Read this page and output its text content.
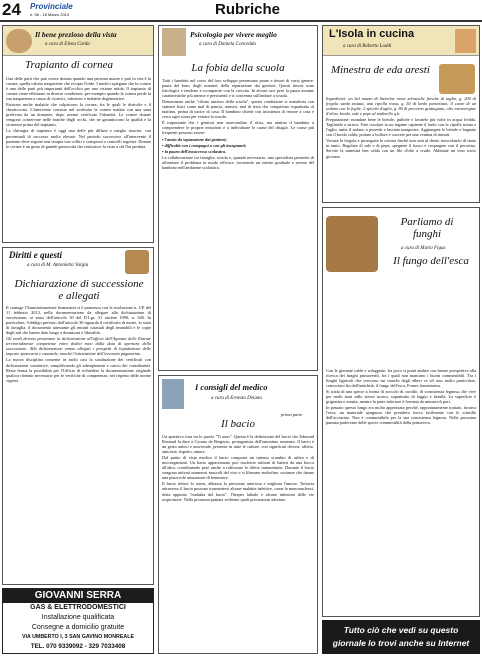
24 Provinciale
n. 06 - 18 Marzo 2013	Rubriche
Il bene prezioso della vista
a cura di Elena Corda
Trapianto di cornea

Una delle parti che può essere donata quando una persona muore e può in vita è la cornea, quella calotta trasparente che ricopre l'iride. I medici spiegano che la cornea è una delle parti più importanti dell'occhio per una visione nitida. Il trapianto di cornea viene effettuato in diverse condizioni, per esempio quando la cornea perde la sua trasparenza a causa di cicatrici, infezioni o malattie degenerative.

Esistono molte malattie che colpiscono la cornea, fra le quali le distrofie e il cheratocono. L'intervento consiste nel sostituire la cornea malata con una sana prelevata da un donatore, dopo averne verificato l'idoneità. Le cornee donate vengono conservate nelle banche degli occhi, che ne garantiscono la qualità e la sicurezza prima del trapianto.

La chirurgia di trapianto è oggi una delle più diffuse e meglio riuscite, con percentuali di successo molto elevate. Nel periodo successivo all'intervento il paziente deve seguire una terapia con colliri e sottoporsi a controlli regolari. Donare le cornee è un gesto di grande generosità che restituisce la vista a chi l'ha perduta.

Diritti e questi
a cura di M. Antonietta Vargiu
Dichiarazione di successione e allegati

Il coniuge l'Amministrazione finanziaria si è promessa con la risoluzione n. 1/E del 11 febbraio 2013, nella documentazione da allegare alla dichiarazione di successione, ai sensi dell'articolo 30 del D.Lgs. 31 ottobre 1990, n. 346. In particolare, l'obbligo previsto dall'articolo 30 riguarda il certificato di morte, lo stato di famiglia, il documento attestante gli estratti catastali degli immobili e le copie degli atti che hanno dato luogo a donazioni o liberalità.

Gli eredi devono presentare la dichiarazione all'ufficio dell'Agenzia delle Entrate territorialmente competente entro dodici mesi dalla data di apertura della successione. Alla dichiarazione vanno allegati i prospetti di liquidazione delle imposte ipotecaria e catastale, nonché l'attestazione dell'avvenuto pagamento.

La nuova disciplina consente in molti casi la sostituzione dei certificati con dichiarazioni sostitutive, semplificando gli adempimenti a carico dei contribuenti. Resta ferma la possibilità per l'Ufficio di richiedere la documentazione originale qualora ritenuto necessario per le verifiche di competenza, nel rispetto delle norme vigenti.

GIOVANNI SERRA
GAS & ELETTRODOMESTICI
Installazione qualificata
Consegne a domicilio gratuite
VIA UMBERTO I, 3 SAN GAVINO MONREALE
TEL. 070 9339092 - 329 7033408
Psicologia per vivere meglio
a cura di Daniela Concedda
La fobia della scuola

Tutti i bambini nel corso del loro sviluppo presentano paure e timori di vario genere: paura del buio, degli estranei, della separazione dai genitori. Questi timori sono fisiologici e tendono a scomparire con la crescita. In alcuni casi però la paura assume caratteristiche più intense e persistenti e si concentra sull'andare a scuola.

Denominata anche "rifiuto ansioso della scuola", questa condizione si manifesta con sintomi fisici come mal di pancia, nausea, mal di testa che compaiono soprattutto al mattino, prima di uscire di casa. Il bambino chiede con insistenza di restare a casa e cerca ogni scusa per evitare la scuola.

È importante che i genitori non assecondino il ritiro, ma aiutino il bambino a comprendere le proprie emozioni e a individuare le cause del disagio. Le cause più frequenti possono essere:

• l'ansia da separazione dai genitori;

• difficoltà con i compagni o con gli insegnanti;

• la paura dell'insuccesso scolastico.

La collaborazione tra famiglia, scuola e, quando necessario, uno specialista permette di affrontare il problema in modo efficace, favorendo un rientro graduale e sereno del bambino nell'ambiente scolastico.

I consigli del medico
a cura di Ernesto Deiana
prima parte
Il bacio

Un aperitivo rosa tra le parole "Ti amo". Questa è la definizione del bacio che Edmond Rostand fa dare a Cyrano de Bergerac, protagonista dell'omonimo romanzo. Il bacio è un gesto antico e universale, presente in tutte le culture, con significati diversi: affetto, amicizia, rispetto, amore.

Dal punto di vista medico il bacio comporta un intenso scambio di saliva e di microrganismi. Un bacio appassionato può trasferire milioni di batteri da una bocca all'altra, contribuendo però anche a rafforzare le difese immunitarie. Durante il bacio vengono attivati numerosi muscoli del viso e si liberano endorfine, sostanze che danno una piacevole sensazione di benessere.

Il bacio riduce lo stress, abbassa la pressione arteriosa e migliora l'umore. Tuttavia attraverso il bacio possono trasmettersi alcune malattie infettive, come la mononucleosi, detta appunto "malattia del bacio", l'herpes labiale e alcune infezioni delle vie respiratorie. Nella prossima puntata vedremo quali precauzioni adottare.

L'Isola in cucina
a cura di Roberto Loddi
Minestra de eda aresti

Ingredienti: un bel mazzo di bietoline rosse selvatiche fresche di taglio, g. 200 di fregola sarda tostata, una cipolla rossa, g. 50 di lardo pancettato, il cuore di un sedano con le foglie, 2 spicchi d'aglio, g. 80 di pecorino grattugiato, olio extravergine d'oliva, brodo, sale e pepe al mulinello q.b.

Preparazione: mondate bene le bietole, pulitele e lavatele più volte in acqua fredda. Tagliatele a strisce. Fate rosolare in un tegame capiente il lardo con la cipolla tritata e l'aglio, unite il sedano a pezzetti e lasciate insaporire. Aggiungete le bietole e bagnate con il brodo caldo; portate a bollore e cuocete per una ventina di minuti.

Versate la fregola e proseguite la cottura finché non sarà al dente, mescolando di tanto in tanto. Regolate di sale e di pepe, spegnete il fuoco e cospargete con il pecorino. Servite la minestra ben calda con un filo d'olio a crudo. Abbinate un vino rosso giovane.

Parliamo di funghi
a cura di Mario Figus
Il fungo dell'esca

Con le giornate calde e soleggiate, fra poco si potrà andare con buone prospettive alla ricerca dei funghi primaverili, fra i quali non mancano i buoni commestibili. Tra i funghi lignicoli che crescono sui tronchi degli alberi ce n'è uno molto particolare, conosciuto fin dall'antichità: il fungo dell'esca, Fomes fomentarius.

Si tratta di una specie a forma di zoccolo di cavallo, di consistenza legnosa, che vive per molti anni sullo stesso tronco, soprattutto di faggio e betulla. La superficie è grigiastra e zonata, mentre la parte inferiore è formata da minuscoli pori.

In passato questo fungo era molto apprezzato perché, opportunamente trattato, forniva l'esca, un materiale spugnoso che prendeva fuoco facilmente con le scintille dell'acciarino. Non è commestibile per la sua consistenza legnosa. Nella prossima puntata parleremo delle specie commestibili della primavera.

Tutto ciò che vedi su questo
giornale lo trovi anche su Internet
